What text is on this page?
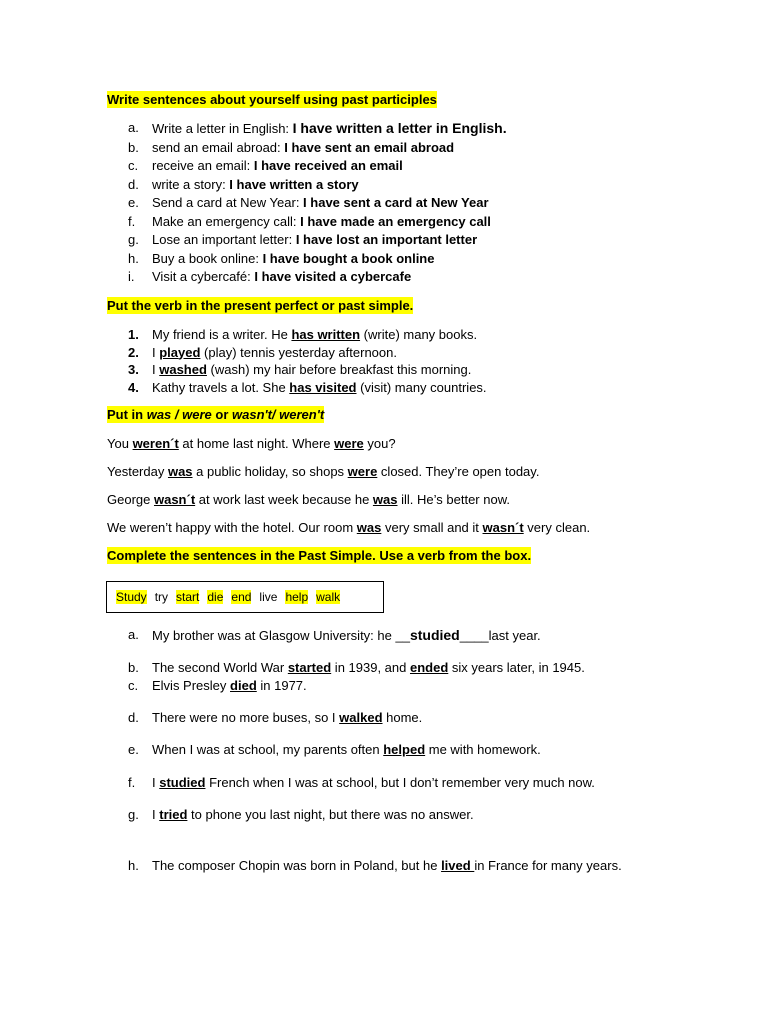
Write sentences about yourself using past participles

a.	Write a letter in English: I have written a letter in English.
b.	send an email abroad: I have sent an email abroad
c.	receive an email: I have received an email
d.	write a story: I have written a story
e.	Send a card at New Year: I have sent a card at New Year
f.	Make an emergency call: I have made an emergency call
g.	Lose an important letter: I have lost an important letter
h.	Buy a book online: I have bought a book online
i.	Visit a cybercafé: I have visited a cybercafe

Put the verb in the present perfect or past simple.

1.	My friend is a writer. He has written (write) many books.
2.	I played (play) tennis yesterday afternoon.
3.	I washed (wash) my hair before breakfast this morning.
4.	Kathy travels a lot. She has visited (visit) many countries.

Put in was / were or wasn't/ weren't

You weren´t at home last night. Where were you?

Yesterday was a public holiday, so shops were closed. They’re open today.

George wasn´t at work last week because he was ill. He’s better now.

We weren’t happy with the hotel. Our room was very small and it wasn´t very clean.

Complete the sentences in the Past Simple. Use a verb from the box.

Study try start die end live help walk
a. My brother was at Glasgow University: he __studied____last year.
b. The second World War started in 1939, and ended six years later, in 1945.
c. Elvis Presley died in 1977.
d. There were no more buses, so I walked home.
e. When I was at school, my parents often helped me with homework.
f. I studied French when I was at school, but I don’t remember very much now.
g. I tried to phone you last night, but there was no answer.
h. The composer Chopin was born in Poland, but he lived in France for many years.
